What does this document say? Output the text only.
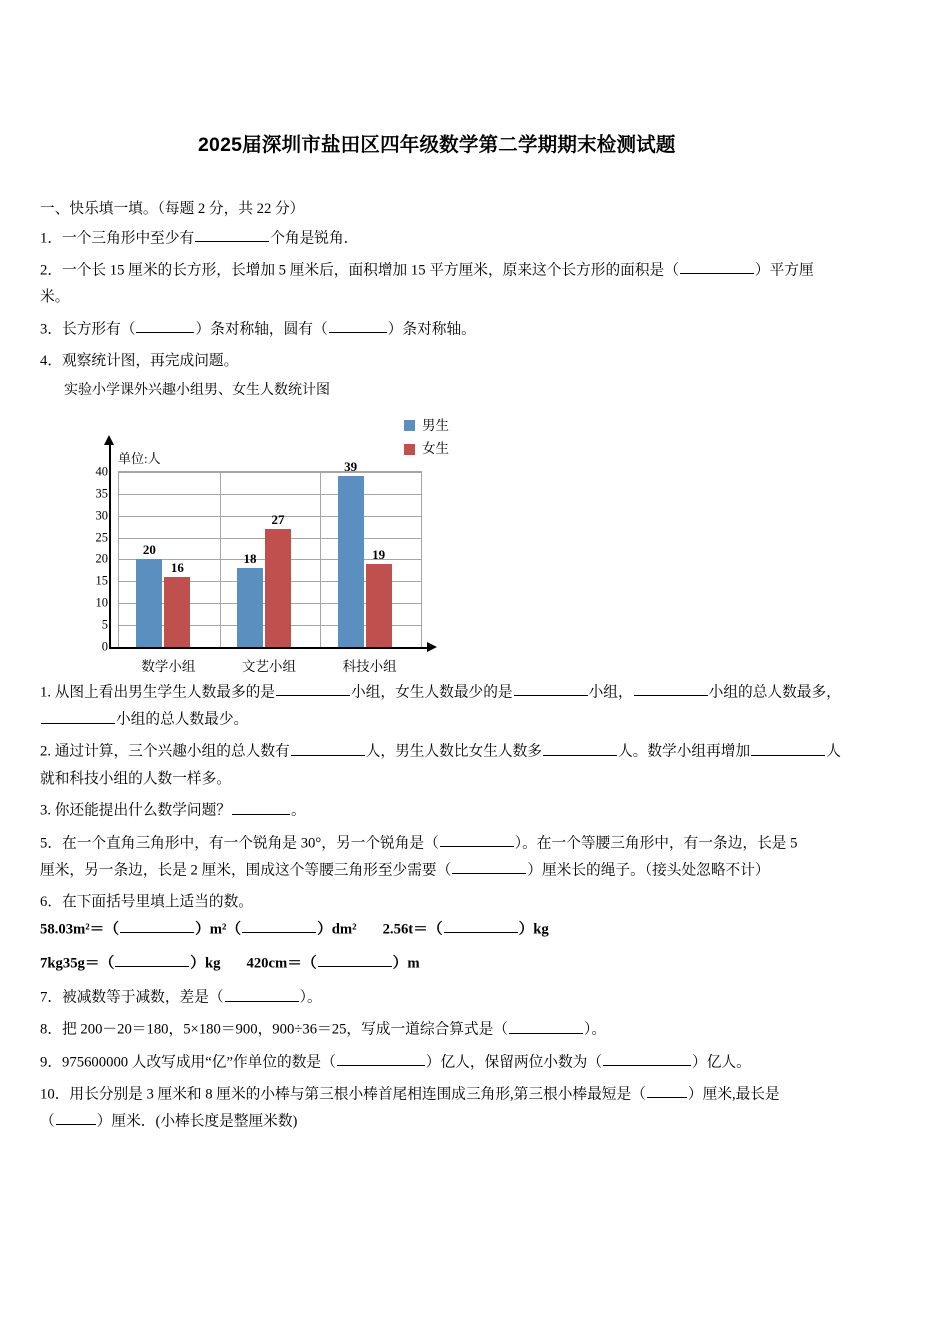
2025届深圳市盐田区四年级数学第二学期期末检测试题

一、快乐填一填。（每题 2 分，共 22 分）

1．一个三角形中至少有	个角是锐角．

2．一个长 15 厘米的长方形，长增加 5 厘米后，面积增加 15 平方厘米，原来这个长方形的面积是（	）平方厘

米。

3．长方形有（	）条对称轴，圆有（	）条对称轴。

4．观察统计图，再完成问题。

实验小学课外兴趣小组男、女生人数统计图

男生
女生
单位:人
0
5
10
15
20
25
30
35
40
20
16
18
27
39
19
数学小组	文艺小组	科技小组

1. 从图上看出男生学生人数最多的是	小组，女生人数最少的是	小组，	小组的总人数最多，

小组的总人数最少。

2. 通过计算，三个兴趣小组的总人数有	人，男生人数比女生人数多	人。数学小组再增加	人

就和科技小组的人数一样多。

3. 你还能提出什么数学问题？	。

5．在一个直角三角形中，有一个锐角是 30°，另一个锐角是（	）。在一个等腰三角形中，有一条边，长是 5

厘米，另一条边，长是 2 厘米，围成这个等腰三角形至少需要（	）厘米长的绳子。（接头处忽略不计）

6．在下面括号里填上适当的数。

58.03m²＝（	）m²（	）dm² 2.56t＝（	）kg

7kg35g＝（	）kg 420cm＝（	）m

7．被减数等于减数，差是（	）。

8．把 200－20＝180，5×180＝900，900÷36＝25，写成一道综合算式是（	）。

9．975600000 人改写成用“亿”作单位的数是（	）亿人，保留两位小数为（	）亿人。

10．用长分别是 3 厘米和 8 厘米的小棒与第三根小棒首尾相连围成三角形,第三根小棒最短是（	）厘米,最长是

（	）厘米．(小棒长度是整厘米数)
